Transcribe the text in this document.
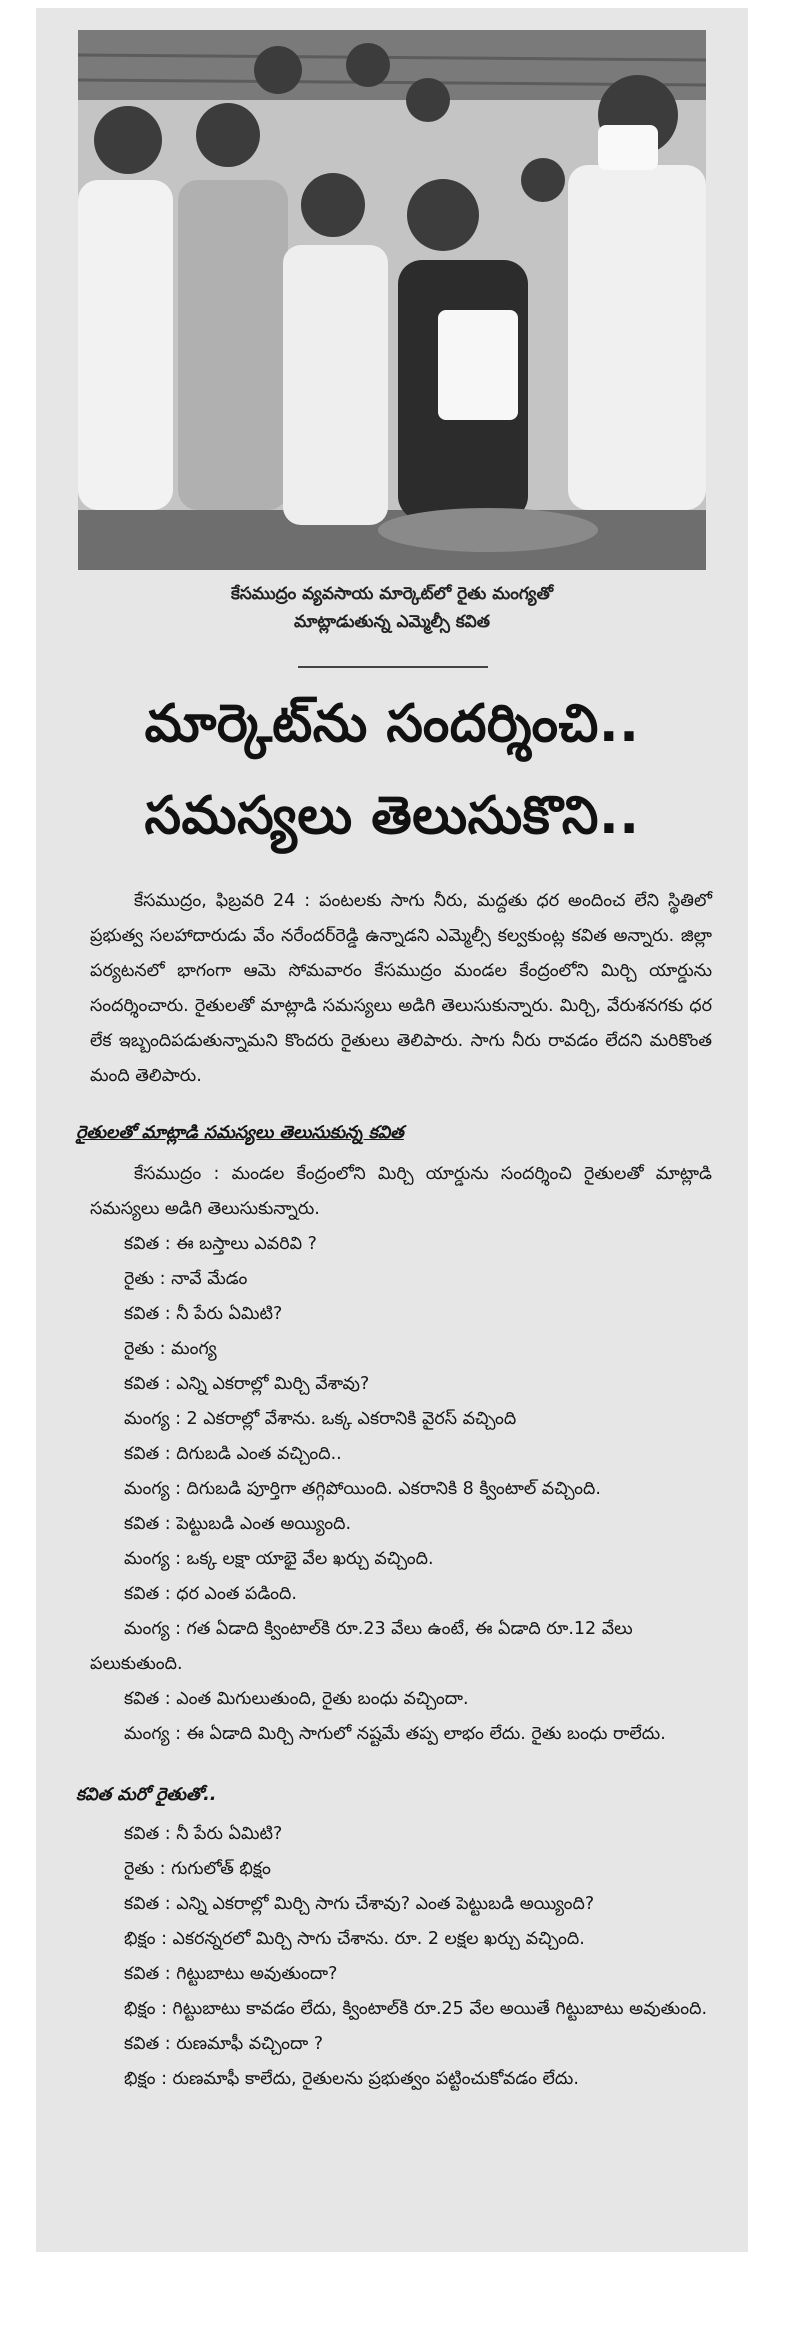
కేసముద్రం వ్యవసాయ మార్కెట్‌లో రైతు మంగ్యతో
మాట్లాడుతున్న ఎమ్మెల్సీ కవిత
మార్కెట్‌ను సందర్శించి..
సమస్యలు తెలుసుకొని..

కేసముద్రం, ఫిబ్రవరి 24 : పంటలకు సాగు నీరు, మద్దతు ధర అందించ లేని స్థితిలో ప్రభుత్వ సలహాదారుడు వేం నరేందర్‌రెడ్డి ఉన్నాడని ఎమ్మెల్సీ కల్వకుంట్ల కవిత అన్నారు. జిల్లా పర్యటనలో భాగంగా ఆమె సోమవారం కేసముద్రం మండల కేంద్రంలోని మిర్చి యార్డును సందర్శించారు. రైతులతో మాట్లాడి సమస్యలు అడిగి తెలుసుకున్నారు. మిర్చి, వేరుశనగకు ధర లేక ఇబ్బందిపడుతున్నామని కొందరు రైతులు తెలిపారు. సాగు నీరు రావడం లేదని మరికొంత మంది తెలిపారు.

రైతులతో మాట్లాడి సమస్యలు తెలుసుకున్న కవిత

కేసముద్రం : మండల కేంద్రంలోని మిర్చి యార్డును సందర్శించి రైతులతో మాట్లాడి సమస్యలు అడిగి తెలుసుకున్నారు.

కవిత : ఈ బస్తాలు ఎవరివి ?

రైతు : నావే మేడం

కవిత : నీ పేరు ఏమిటి?

రైతు : మంగ్య

కవిత : ఎన్ని ఎకరాల్లో మిర్చి వేశావు?

మంగ్య : 2 ఎకరాల్లో వేశాను. ఒక్క ఎకరానికి వైరస్ వచ్చింది

కవిత : దిగుబడి ఎంత వచ్చింది..

మంగ్య : దిగుబడి పూర్తిగా తగ్గిపోయింది. ఎకరానికి 8 క్వింటాల్ వచ్చింది.

కవిత : పెట్టుబడి ఎంత అయ్యింది.

మంగ్య : ఒక్క లక్షా యాభై వేల ఖర్చు వచ్చింది.

కవిత : ధర ఎంత పడింది.

మంగ్య : గత ఏడాది క్వింటాల్‌కి రూ.23 వేలు ఉంటే, ఈ ఏడాది రూ.12 వేలు పలుకుతుంది.

కవిత : ఎంత మిగులుతుంది, రైతు బంధు వచ్చిందా.

మంగ్య : ఈ ఏడాది మిర్చి సాగులో నష్టమే తప్ప లాభం లేదు. రైతు బంధు రాలేదు.

కవిత మరో రైతుతో..

కవిత : నీ పేరు ఏమిటి?

రైతు : గుగులోత్ భిక్షం

కవిత : ఎన్ని ఎకరాల్లో మిర్చి సాగు చేశావు? ఎంత పెట్టుబడి అయ్యింది?

భిక్షం : ఎకరన్నరలో మిర్చి సాగు చేశాను. రూ. 2 లక్షల ఖర్చు వచ్చింది.

కవిత : గిట్టుబాటు అవుతుందా?

భిక్షం : గిట్టుబాటు కావడం లేదు, క్వింటాల్‌కి రూ.25 వేల అయితే గిట్టుబాటు అవుతుంది.

కవిత : రుణమాఫీ వచ్చిందా ?

భిక్షం : రుణమాఫీ కాలేదు, రైతులను ప్రభుత్వం పట్టించుకోవడం లేదు.
